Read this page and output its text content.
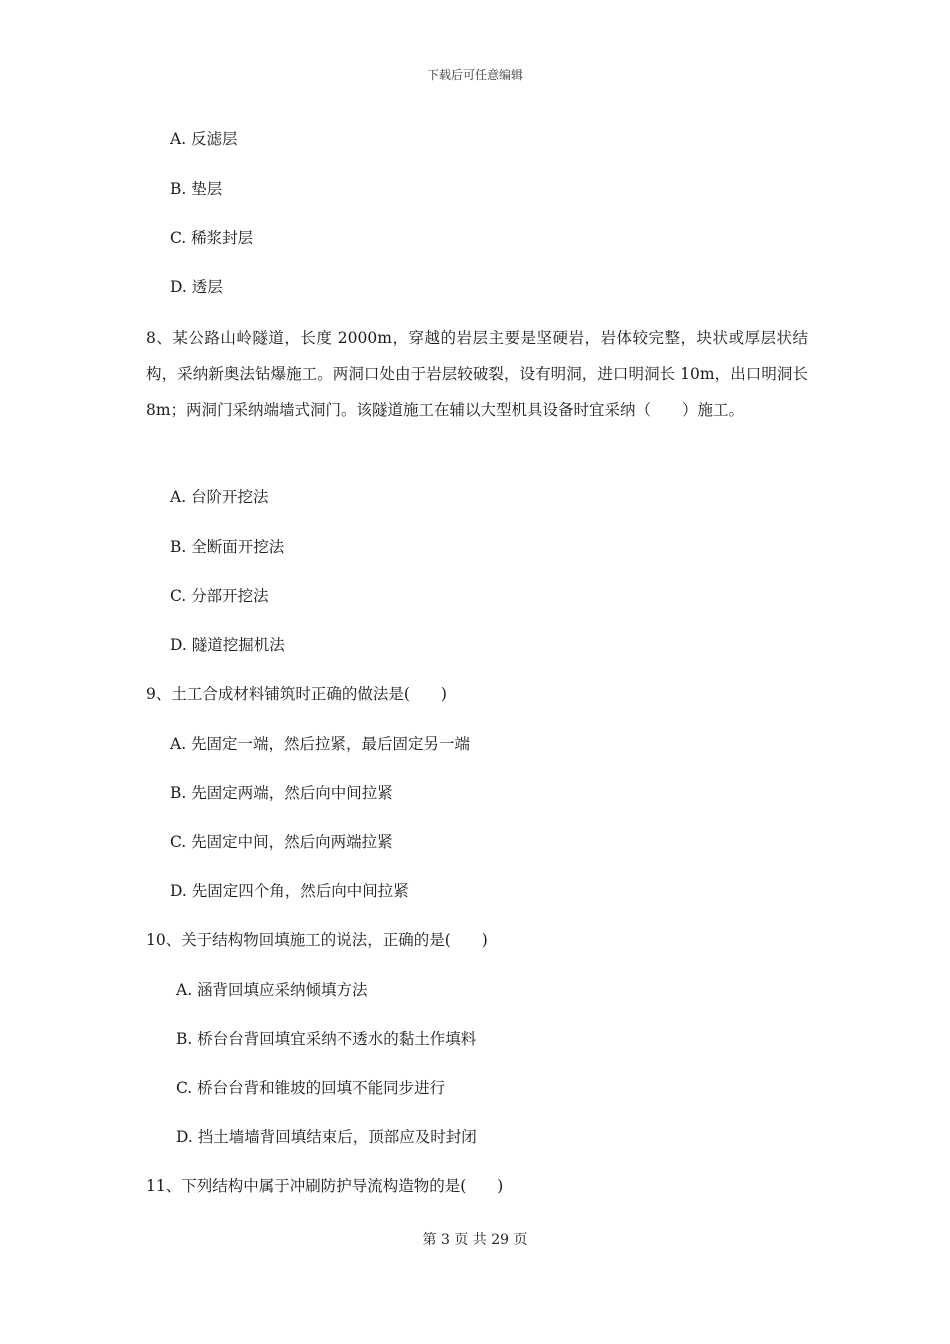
下载后可任意编辑
A. 反滤层
B. 垫层
C. 稀浆封层
D. 透层
8、某公路山岭隧道，长度 2000m，穿越的岩层主要是坚硬岩，岩体较完整，块状或厚层状结构，采纳新奥法钻爆施工。两洞口处由于岩层较破裂，设有明洞，进口明洞长 10m，出口明洞长 8m；两洞门采纳端墙式洞门。该隧道施工在辅以大型机具设备时宜采纳（　　）施工。
A. 台阶开挖法
B. 全断面开挖法
C. 分部开挖法
D. 隧道挖掘机法
9、土工合成材料铺筑时正确的做法是(　　)
A. 先固定一端，然后拉紧，最后固定另一端
B. 先固定两端，然后向中间拉紧
C. 先固定中间，然后向两端拉紧
D. 先固定四个角，然后向中间拉紧
10、关于结构物回填施工的说法，正确的是(　　)
A. 涵背回填应采纳倾填方法
B. 桥台台背回填宜采纳不透水的黏土作填料
C. 桥台台背和锥坡的回填不能同步进行
D. 挡土墙墙背回填结束后，顶部应及时封闭
11、下列结构中属于冲刷防护导流构造物的是(　　)
第 3 页 共 29 页
